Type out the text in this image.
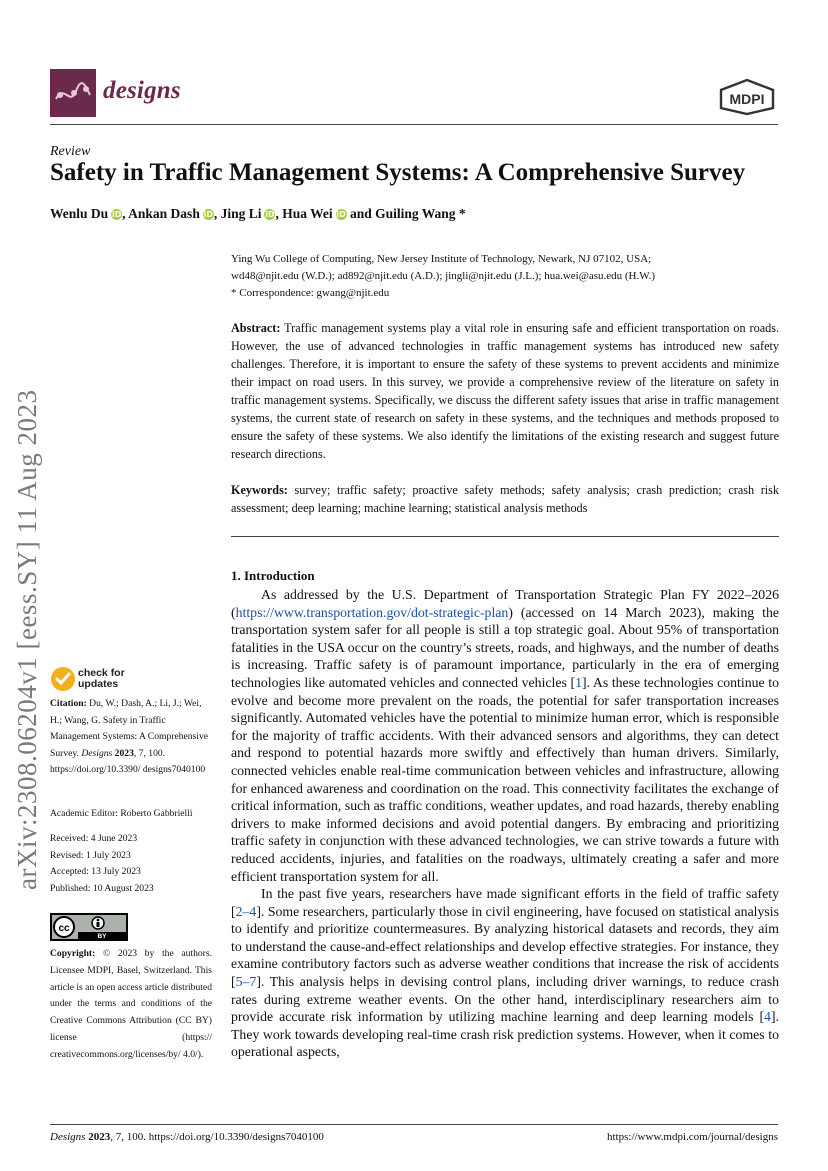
designs	MDPI
Review
Safety in Traffic Management Systems: A Comprehensive Survey
Wenlu Du iD, Ankan Dash iD, Jing Li iD, Hua Wei iD and Guiling Wang *
Ying Wu College of Computing, New Jersey Institute of Technology, Newark, NJ 07102, USA;
wd48@njit.edu (W.D.); ad892@njit.edu (A.D.); jingli@njit.edu (J.L.); hua.wei@asu.edu (H.W.)
* Correspondence: gwang@njit.edu
Abstract: Traffic management systems play a vital role in ensuring safe and efficient transportation on roads. However, the use of advanced technologies in traffic management systems has introduced new safety challenges. Therefore, it is important to ensure the safety of these systems to prevent accidents and minimize their impact on road users. In this survey, we provide a comprehensive review of the literature on safety in traffic management systems. Specifically, we discuss the different safety issues that arise in traffic management systems, the current state of research on safety in these systems, and the techniques and methods proposed to ensure the safety of these systems. We also identify the limitations of the existing research and suggest future research directions.
Keywords: survey; traffic safety; proactive safety methods; safety analysis; crash prediction; crash risk assessment; deep learning; machine learning; statistical analysis methods
1. Introduction

As addressed by the U.S. Department of Transportation Strategic Plan FY 2022–2026 (https://www.transportation.gov/dot-strategic-plan) (accessed on 14 March 2023), making the transportation system safer for all people is still a top strategic goal. About 95% of transportation fatalities in the USA occur on the country’s streets, roads, and highways, and the number of deaths is increasing. Traffic safety is of paramount importance, particularly in the era of emerging technologies like automated vehicles and connected vehicles [1]. As these technologies continue to evolve and become more prevalent on the roads, the potential for safer transportation increases significantly. Automated vehicles have the potential to minimize human error, which is responsible for the majority of traffic accidents. With their advanced sensors and algorithms, they can detect and respond to potential hazards more swiftly and effectively than human drivers. Similarly, connected vehicles enable real-time communication between vehicles and infrastructure, allowing for enhanced awareness and coordination on the road. This connectivity facilitates the exchange of critical information, such as traffic conditions, weather updates, and road hazards, thereby enabling drivers to make informed decisions and avoid potential dangers. By embracing and prioritizing traffic safety in conjunction with these advanced technologies, we can strive towards a future with reduced accidents, injuries, and fatalities on the roadways, ultimately creating a safer and more efficient transportation system for all.

In the past five years, researchers have made significant efforts in the field of traffic safety [2–4]. Some researchers, particularly those in civil engineering, have focused on statistical analysis to identify and prioritize countermeasures. By analyzing historical datasets and records, they aim to understand the cause-and-effect relationships and develop effective strategies. For instance, they examine contributory factors such as adverse weather conditions that increase the risk of accidents [5–7]. This analysis helps in devising control plans, including driver warnings, to reduce crash rates during extreme weather events. On the other hand, interdisciplinary researchers aim to provide accurate risk information by utilizing machine learning and deep learning models [4]. They work towards developing real-time crash risk prediction systems. However, when it comes to operational aspects,

arXiv:2308.06204v1 [eess.SY] 11 Aug 2023	check for
updates
Citation: Du, W.; Dash, A.; Li, J.; Wei, H.; Wang, G. Safety in Traffic Management Systems: A Comprehensive Survey. Designs 2023, 7, 100. https://doi.org/10.3390/ designs7040100
Academic Editor: Roberto Gabbrielli
Received: 4 June 2023
Revised: 1 July 2023
Accepted: 13 July 2023
Published: 10 August 2023
cc
BY
Copyright: © 2023 by the authors. Licensee MDPI, Basel, Switzerland. This article is an open access article distributed under the terms and conditions of the Creative Commons Attribution (CC BY) license (https:// creativecommons.org/licenses/by/ 4.0/).
Designs 2023, 7, 100. https://doi.org/10.3390/designs7040100	https://www.mdpi.com/journal/designs
